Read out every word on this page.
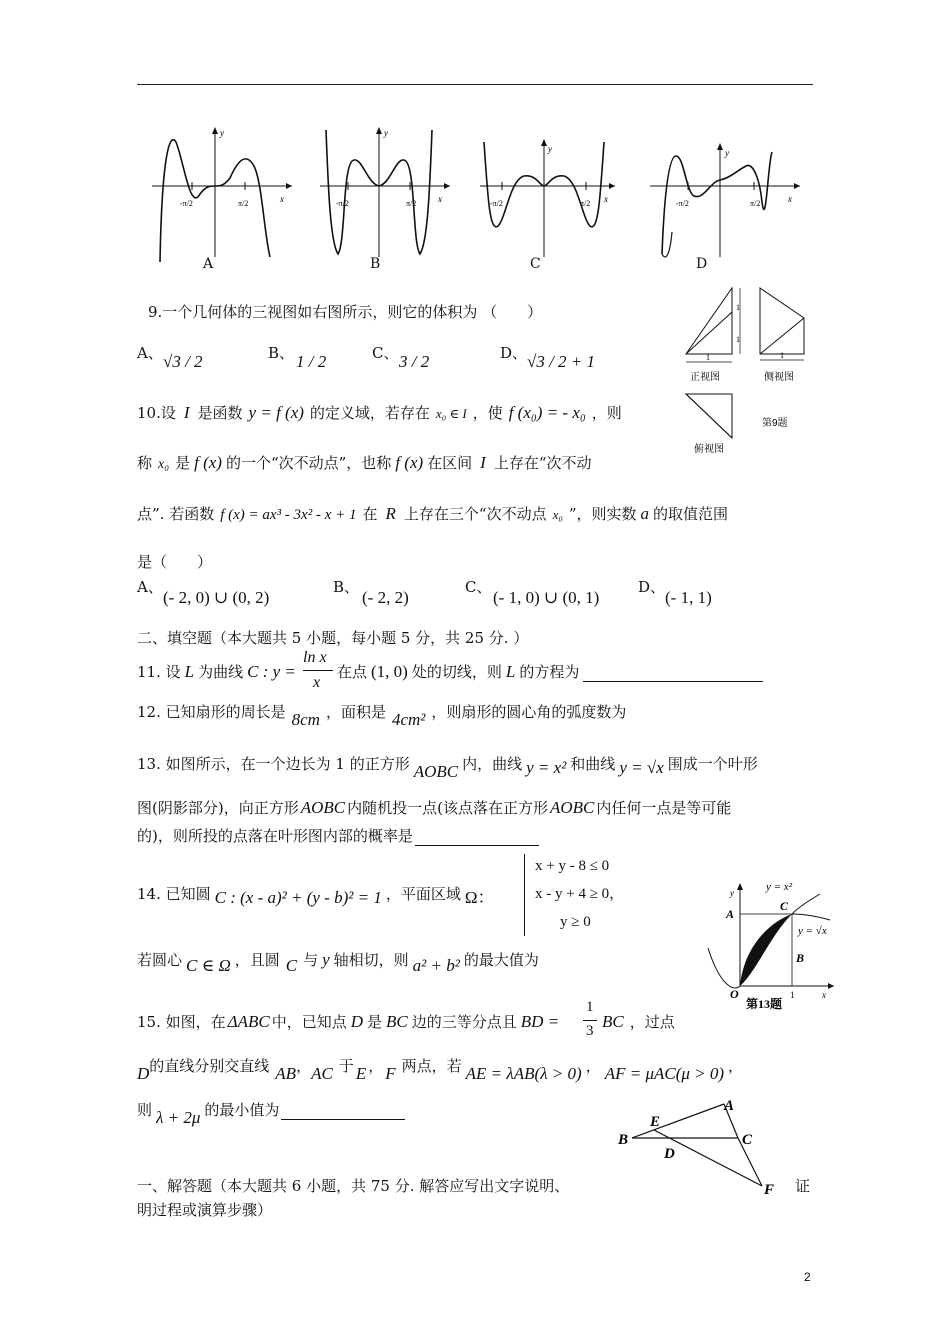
-π/2	π/2	x
y
-π/2	π/2 x
y
-π/2	π/2 x
y
-π/2	π/2	x
y
A	B	C	D
9.一个几何体的三视图如右图所示，则它的体积为 （　　）
A、 √3 / 2	B、 1 / 2	C、 3 / 2	D、 √3 / 2 + 1	1
1
1
正视图
1
侧视图
俯视图
第9题
10.设 I 是函数 y = f (x) 的定义域，若存在 x₀ ∈ I ，使 f (x₀) = - x₀ ，则
称 x₀ 是 f (x) 的一个“次不动点”，也称 f (x) 在区间 I 上存在“次不动
点”. 若函数 f (x) = ax³ - 3x² - x + 1 在 R 上存在三个“次不动点 x₀ ”，则实数 a 的取值范围
是（　　）
A、
(- 2, 0) ∪ (0, 2)
B、
(- 2, 2)
C、
(- 1, 0) ∪ (0, 1)
D、
(- 1, 1)
二、填空题（本大题共 5 小题，每小题 5 分，共 25 分. ）
11. 设 L 为曲线 C : y =
ln x
x
在点 (1, 0) 处的切线，则 L 的方程为
12. 已知扇形的周长是 8cm ，面积是 4cm² ，则扇形的圆心角的弧度数为
13. 如图所示，在一个边长为 1 的正方形 AOBC 内，曲线 y = x² 和曲线 y = √x 围成一个叶形
图(阴影部分)，向正方形 AOBC 内随机投一点(该点落在正方形 AOBC 内任何一点是等可能
的)，则所投的点落在叶形图内部的概率是
14. 已知圆 C : (x - a)² + (y - b)² = 1 ，平面区域 Ω：
x + y - 8 ≤ 0
x - y + 4 ≥ 0，
y ≥ 0
若圆心 C ∈ Ω ，且圆 C 与 y 轴相切，则 a² + b² 的最大值为
y = x²
y = √x
A
B
C
O	1	x
y
第13题
15. 如图，在 ΔABC 中，已知点 D 是 BC 边的三等分点且 BD =
1
3 BC ，过点
D的直线分别交直线 AB，AC 于 E ， F 两点，若 AE = λAB(λ > 0) ， AF = μAC(μ > 0) ，
则 λ + 2μ 的最小值为	A
B	C
D
E
F
一、解答题（本大题共 6 小题，共 75 分. 解答应写出文字说明、	证
明过程或演算步骤）
2
